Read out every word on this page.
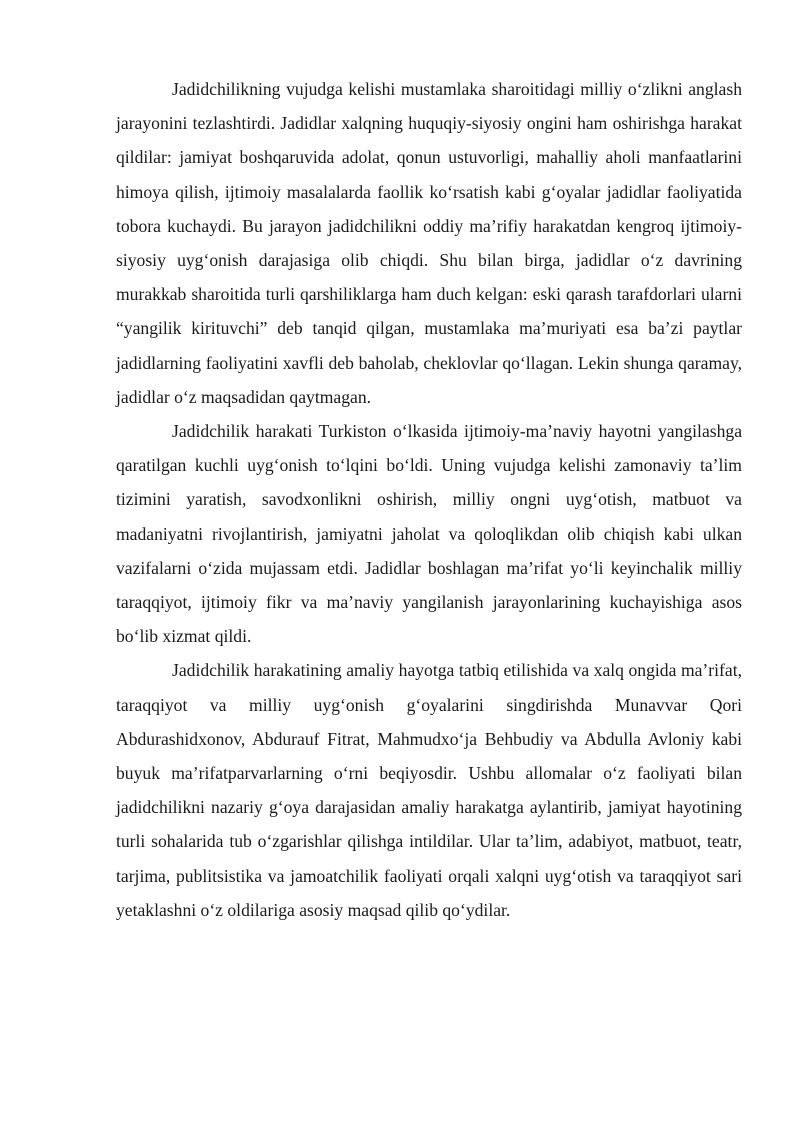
Jadidchilikning vujudga kelishi mustamlaka sharoitidagi milliy o‘zlikni anglash jarayonini tezlashtirdi. Jadidlar xalqning huquqiy-siyosiy ongini ham oshirishga harakat qildilar: jamiyat boshqaruvida adolat, qonun ustuvorligi, mahalliy aholi manfaatlarini himoya qilish, ijtimoiy masalalarda faollik ko‘rsatish kabi g‘oyalar jadidlar faoliyatida tobora kuchaydi. Bu jarayon jadidchilikni oddiy ma’rifiy harakatdan kengroq ijtimoiy-siyosiy uyg‘onish darajasiga olib chiqdi. Shu bilan birga, jadidlar o‘z davrining murakkab sharoitida turli qarshiliklarga ham duch kelgan: eski qarash tarafdorlari ularni “yangilik kirituvchi” deb tanqid qilgan, mustamlaka ma’muriyati esa ba’zi paytlar jadidlarning faoliyatini xavfli deb baholab, cheklovlar qo‘llagan. Lekin shunga qaramay, jadidlar o‘z maqsadidan qaytmagan.

Jadidchilik harakati Turkiston o‘lkasida ijtimoiy-ma’naviy hayotni yangilashga qaratilgan kuchli uyg‘onish to‘lqini bo‘ldi. Uning vujudga kelishi zamonaviy ta’lim tizimini yaratish, savodxonlikni oshirish, milliy ongni uyg‘otish, matbuot va madaniyatni rivojlantirish, jamiyatni jaholat va qoloqlikdan olib chiqish kabi ulkan vazifalarni o‘zida mujassam etdi. Jadidlar boshlagan ma’rifat yo‘li keyinchalik milliy taraqqiyot, ijtimoiy fikr va ma’naviy yangilanish jarayonlarining kuchayishiga asos bo‘lib xizmat qildi.

Jadidchilik harakatining amaliy hayotga tatbiq etilishida va xalq ongida ma’rifat, taraqqiyot va milliy uyg‘onish g‘oyalarini singdirishda Munavvar Qori Abdurashidxonov, Abdurauf Fitrat, Mahmudxo‘ja Behbudiy va Abdulla Avloniy kabi buyuk ma’rifatparvarlarning o‘rni beqiyosdir. Ushbu allomalar o‘z faoliyati bilan jadidchilikni nazariy g‘oya darajasidan amaliy harakatga aylantirib, jamiyat hayotining turli sohalarida tub o‘zgarishlar qilishga intildilar. Ular ta’lim, adabiyot, matbuot, teatr, tarjima, publitsistika va jamoatchilik faoliyati orqali xalqni uyg‘otish va taraqqiyot sari yetaklashni o‘z oldilariga asosiy maqsad qilib qo‘ydilar.
